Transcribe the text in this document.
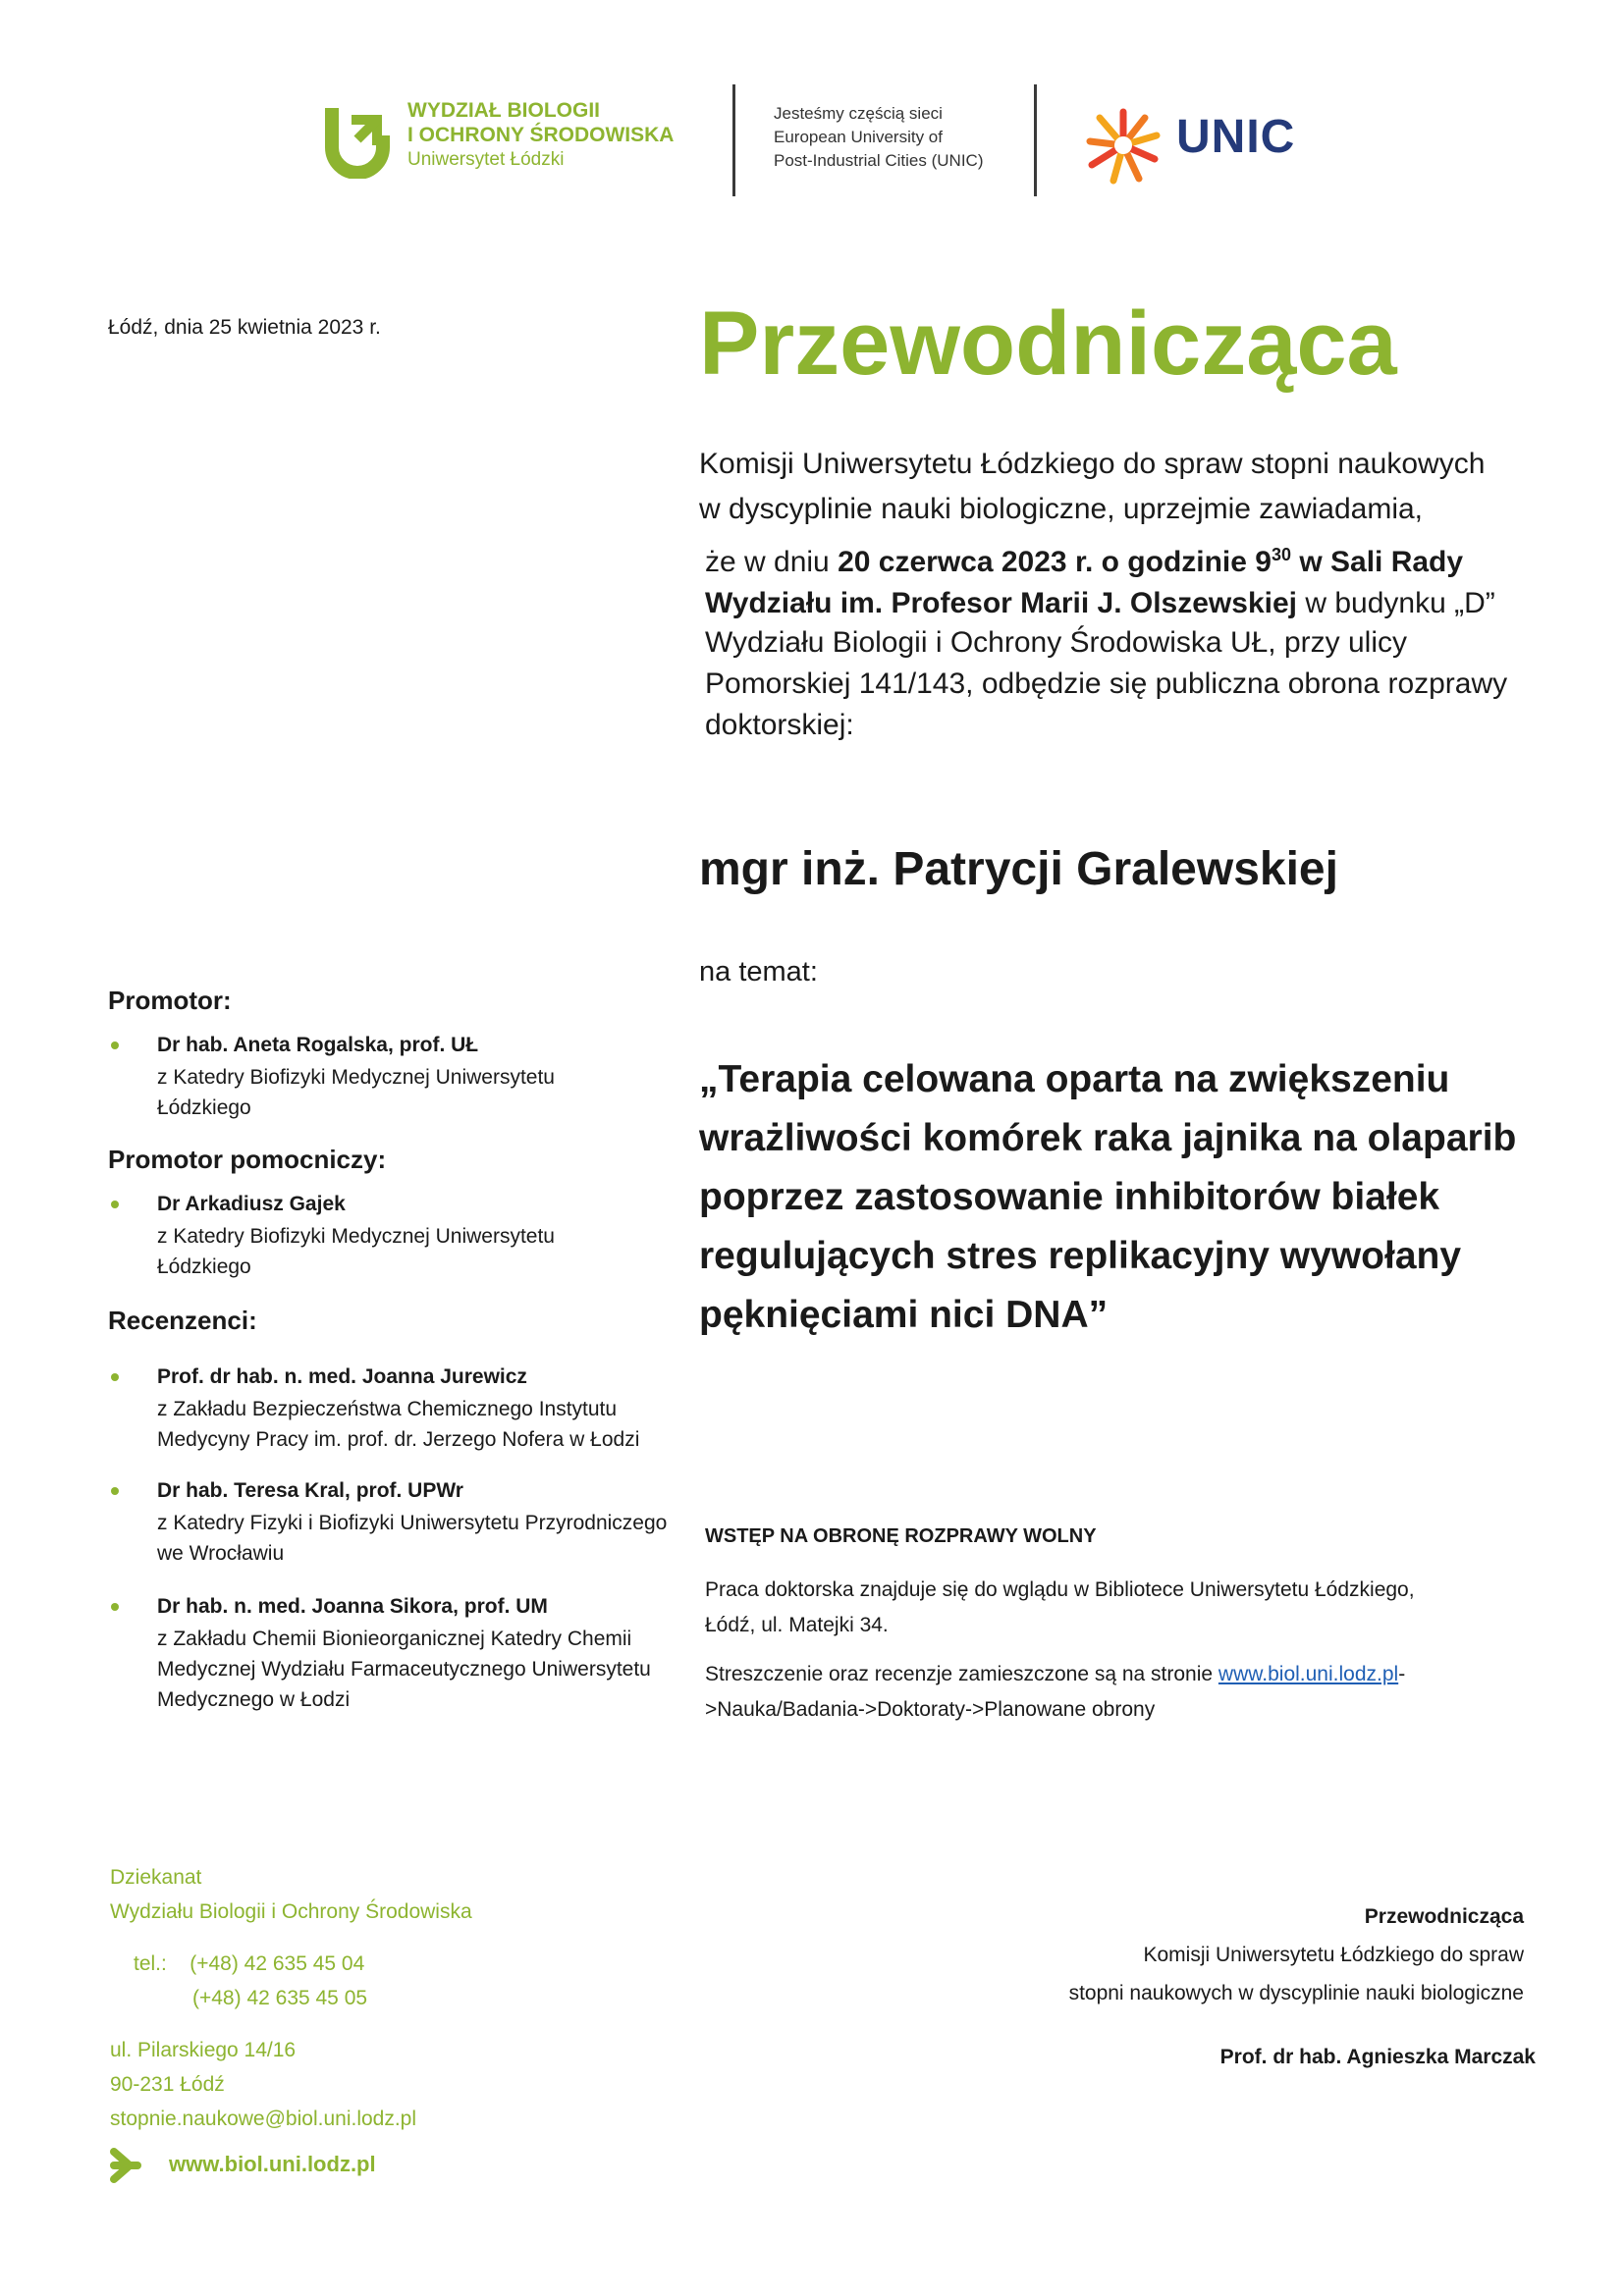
WYDZIAŁ BIOLOGII
I OCHRONY ŚRODOWISKA
Uniwersytet Łódzki
Jesteśmy częścią sieci
European University of
Post-Industrial Cities (UNIC)	UNIC
Łódź, dnia 25 kwietnia 2023 r.	Przewodnicząca
Komisji Uniwersytetu Łódzkiego do spraw stopni naukowych
w dyscyplinie nauki biologiczne, uprzejmie zawiadamia,
że w dniu 20 czerwca 2023 r. o godzinie $9^{30}$ w Sali Rady
Wydziału im. Profesor Marii J. Olszewskiej w budynku „D”
Wydziału Biologii i Ochrony Środowiska UŁ, przy ulicy
Pomorskiej 141/143, odbędzie się publiczna obrona rozprawy
doktorskiej:
mgr inż. Patrycji Gralewskiej
na temat:
„Terapia celowana oparta na zwiększeniu
wrażliwości komórek raka jajnika na olaparib
poprzez zastosowanie inhibitorów białek
regulujących stres replikacyjny wywołany
pęknięciami nici DNA”
Promotor:
Dr hab. Aneta Rogalska, prof. UŁ
z Katedry Biofizyki Medycznej Uniwersytetu
Łódzkiego
Promotor pomocniczy:
Dr Arkadiusz Gajek
z Katedry Biofizyki Medycznej Uniwersytetu
Łódzkiego
Recenzenci:
Prof. dr hab. n. med. Joanna Jurewicz
z Zakładu Bezpieczeństwa Chemicznego Instytutu
Medycyny Pracy im. prof. dr. Jerzego Nofera w Łodzi
Dr hab. Teresa Kral, prof. UPWr
z Katedry Fizyki i Biofizyki Uniwersytetu Przyrodniczego
we Wrocławiu
Dr hab. n. med. Joanna Sikora, prof. UM
z Zakładu Chemii Bionieorganicznej Katedry Chemii
Medycznej Wydziału Farmaceutycznego Uniwersytetu
Medycznego w Łodzi
WSTĘP NA OBRONĘ ROZPRAWY WOLNY
Praca doktorska znajduje się do wglądu w Bibliotece Uniwersytetu Łódzkiego,
Łódź, ul. Matejki 34.
Streszczenie oraz recenzje zamieszczone są na stronie www.biol.uni.lodz.pl-
>Nauka/Badania->Doktoraty->Planowane obrony
Dziekanat
Wydziału Biologii i Ochrony Środowiska
tel.: (+48) 42 635 45 04
(+48) 42 635 45 05
ul. Pilarskiego 14/16
90-231 Łódź
stopnie.naukowe@biol.uni.lodz.pl
www.biol.uni.lodz.pl
Przewodnicząca
Komisji Uniwersytetu Łódzkiego do spraw
stopni naukowych w dyscyplinie nauki biologiczne
Prof. dr hab. Agnieszka Marczak
